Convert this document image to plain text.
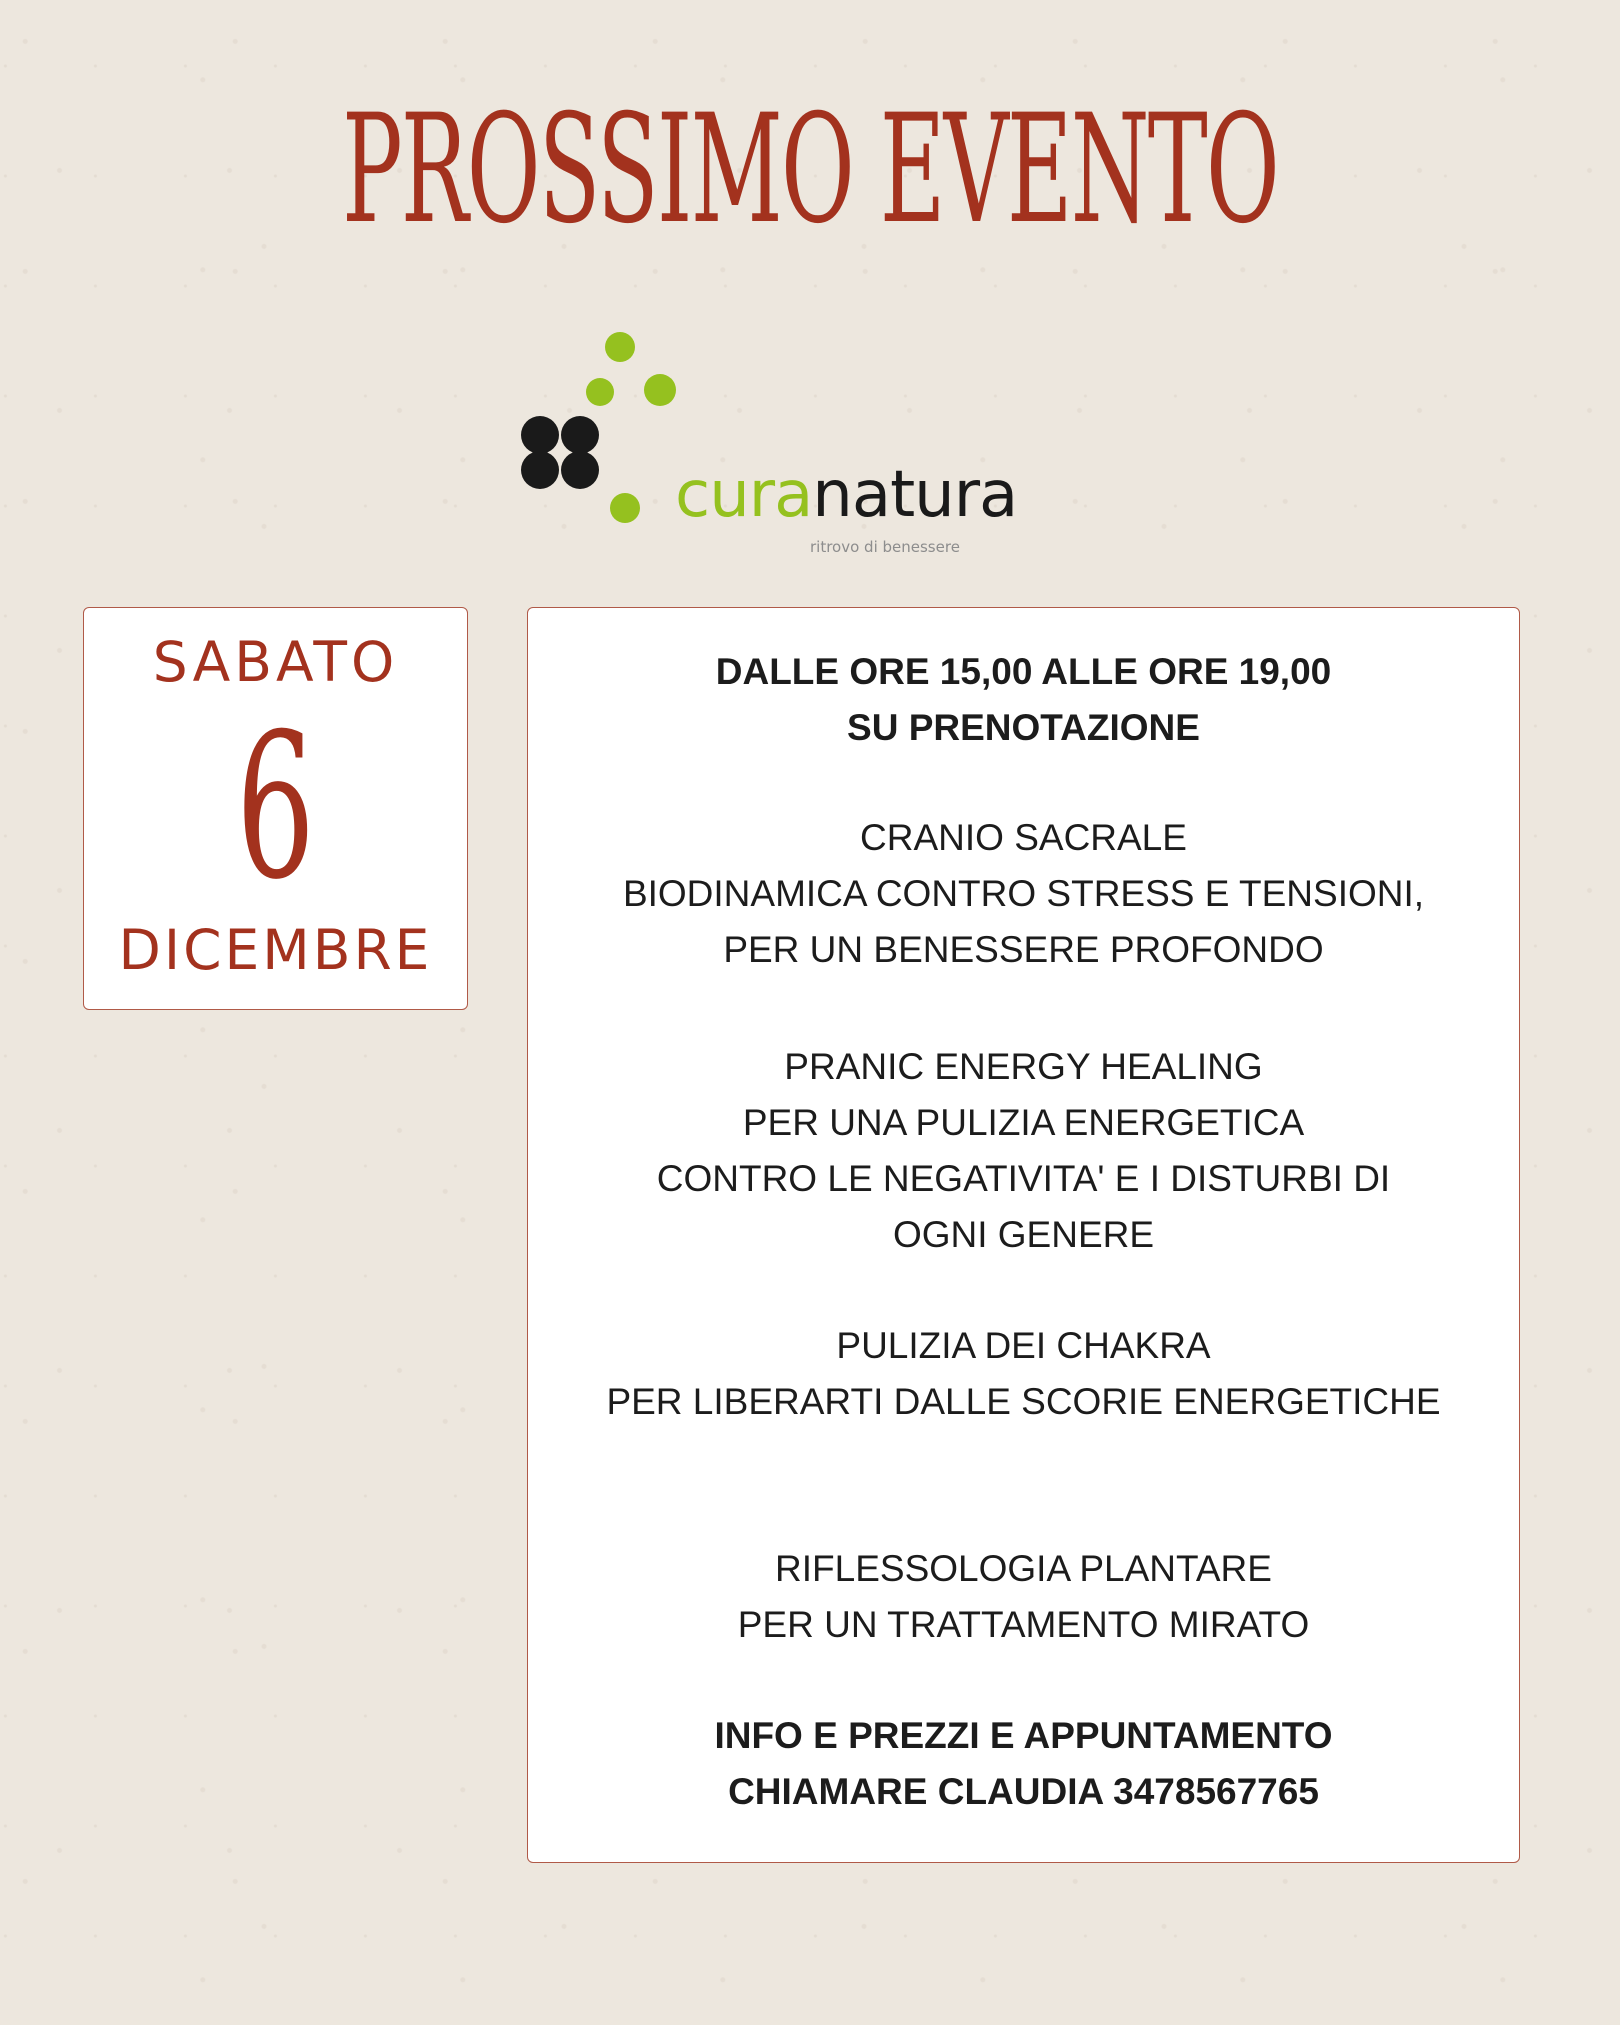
PROSSIMO EVENTO
curanatura
ritrovo di benessere
SABATO
6
DICEMBRE
DALLE ORE 15,00 ALLE ORE 19,00
SU PRENOTAZIONE
CRANIO SACRALE
BIODINAMICA CONTRO STRESS E TENSIONI,
PER UN BENESSERE PROFONDO
PRANIC ENERGY HEALING
PER UNA PULIZIA ENERGETICA
CONTRO LE NEGATIVITA' E I DISTURBI DI
OGNI GENERE
PULIZIA DEI CHAKRA
PER LIBERARTI DALLE SCORIE ENERGETICHE
RIFLESSOLOGIA PLANTARE
PER UN TRATTAMENTO MIRATO
INFO E PREZZI E APPUNTAMENTO
CHIAMARE CLAUDIA 3478567765
